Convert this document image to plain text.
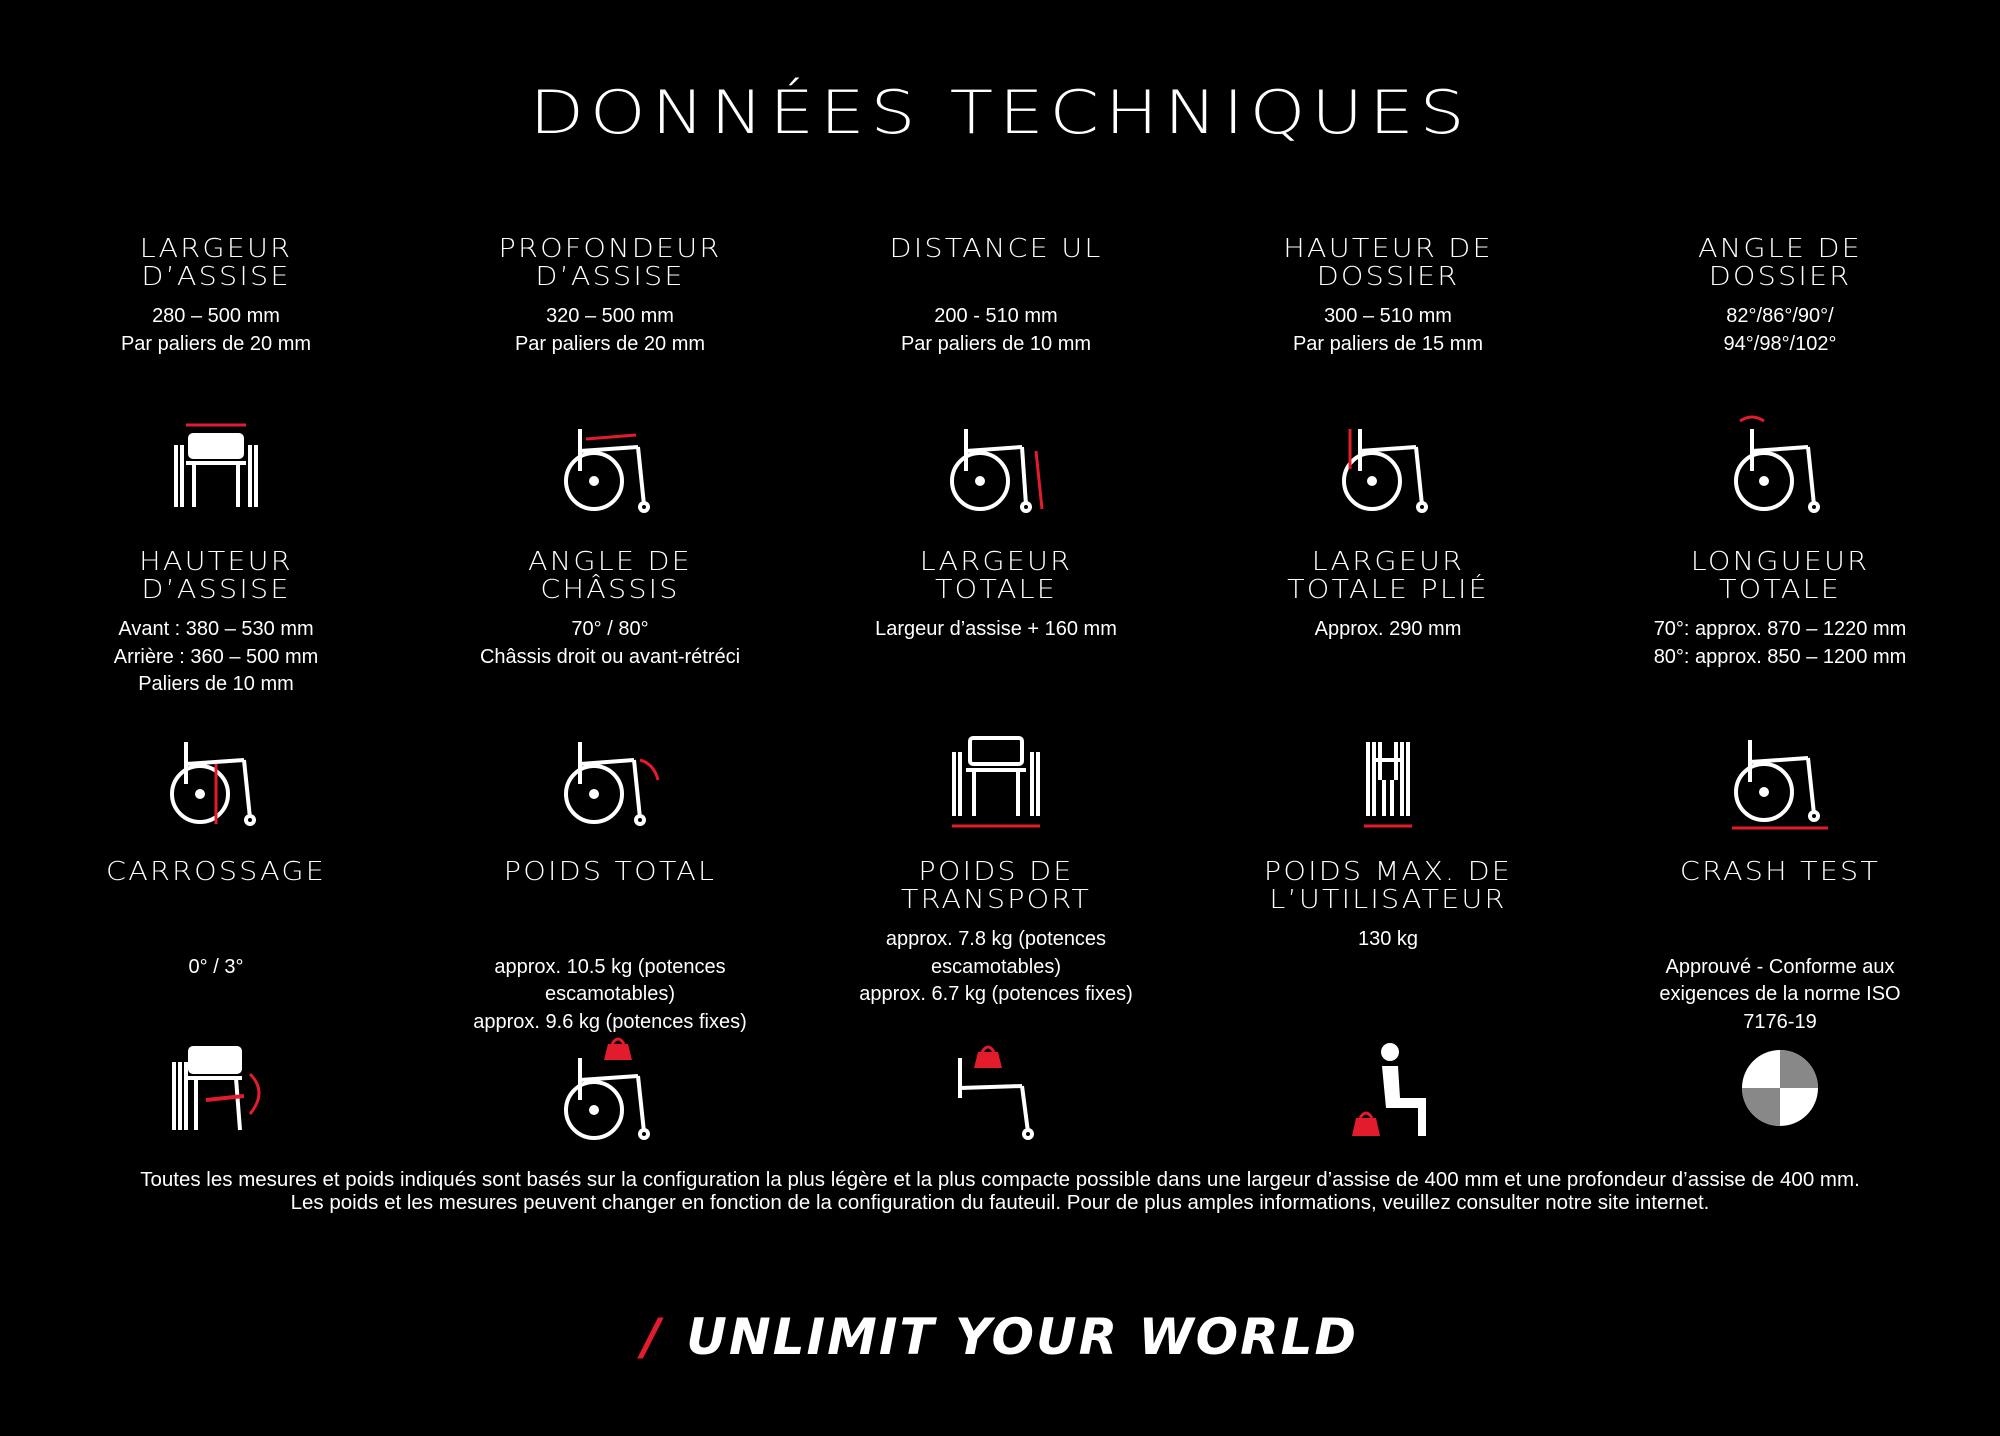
DONNÉES TECHNIQUES
LARGEUR
D’ASSISE
280 – 500 mm
Par paliers de 20 mm
PROFONDEUR
D’ASSISE
320 – 500 mm
Par paliers de 20 mm
DISTANCE UL

200 - 510 mm
Par paliers de 10 mm
HAUTEUR DE
DOSSIER
300 – 510 mm
Par paliers de 15 mm
ANGLE DE
DOSSIER
82°/86°/90°/
94°/98°/102°
HAUTEUR
D’ASSISE
Avant : 380 – 530 mm
Arrière : 360 – 500 mm
Paliers de 10 mm
ANGLE DE
CHÂSSIS
70° / 80°
Châssis droit ou avant-rétréci
LARGEUR
TOTALE
Largeur d’assise + 160 mm
LARGEUR
TOTALE PLIÉ
Approx. 290 mm
LONGUEUR
TOTALE
70°: approx. 870 – 1220 mm
80°: approx. 850 – 1200 mm
CARROSSAGE

0° / 3°
POIDS TOTAL

approx. 10.5 kg (potences
escamotables)
approx. 9.6 kg (potences fixes)
POIDS DE
TRANSPORT
approx. 7.8 kg (potences
escamotables)
approx. 6.7 kg (potences fixes)
POIDS MAX. DE
L’UTILISATEUR
130 kg
CRASH TEST

Approuvé - Conforme aux
exigences de la norme ISO
7176-19
Toutes les mesures et poids indiqués sont basés sur la configuration la plus légère et la plus compacte possible dans une largeur d’assise de 400 mm et une profondeur d’assise de 400 mm.
Les poids et les mesures peuvent changer en fonction de la configuration du fauteuil. Pour de plus amples informations, veuillez consulter notre site internet.
/ UNLIMIT YOUR WORLD
